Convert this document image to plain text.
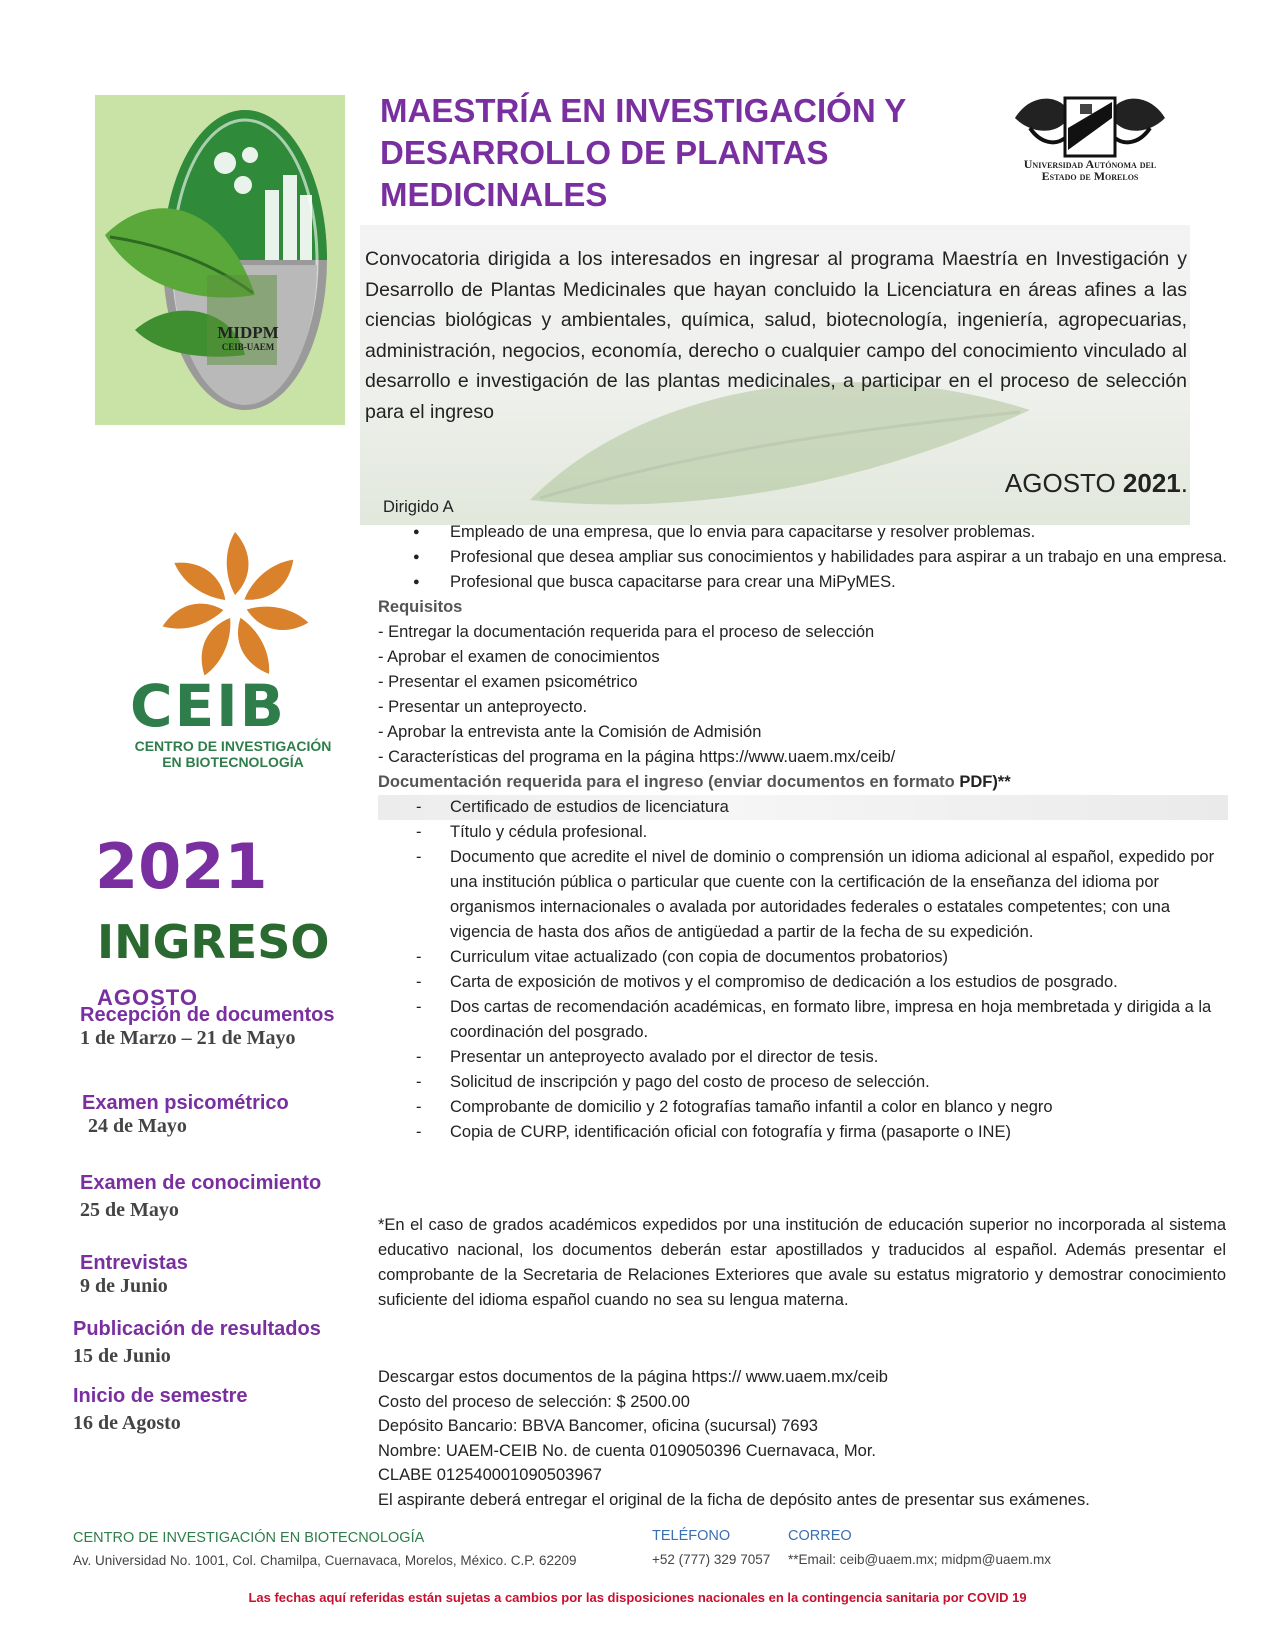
MIDPM
CEIB-UAEM
MAESTRÍA EN INVESTIGACIÓN Y DESARROLLO DE PLANTAS MEDICINALES
Universidad Autónoma del
Estado de Morelos

Convocatoria dirigida a los interesados en ingresar al programa Maestría en Investigación y Desarrollo de Plantas Medicinales que hayan concluido la Licenciatura en áreas afines a las ciencias biológicas y ambientales, química, salud, biotecnología, ingeniería, agropecuarias, administración, negocios, economía, derecho o cualquier campo del conocimiento vinculado al desarrollo e investigación de las plantas medicinales, a participar en el proceso de selección para el ingreso

AGOSTO 2021.
CEIB
CENTRO DE INVESTIGACIÓN
EN BIOTECNOLOGÍA
2021
INGRESO
AGOSTO
Recepción de documentos
1 de Marzo – 21 de Mayo
Examen psicométrico
24 de Mayo
Examen de conocimiento
25 de Mayo
Entrevistas
9 de Junio
Publicación de resultados
15 de Junio
Inicio de semestre
16 de Agosto
Dirigido A
● Empleado de una empresa, que lo envia para capacitarse y resolver problemas.
● Profesional que desea ampliar sus conocimientos y habilidades para aspirar a un trabajo en una empresa.
● Profesional que busca capacitarse para crear una MiPyMES.
Requisitos
- Entregar la documentación requerida para el proceso de selección
- Aprobar el examen de conocimientos
- Presentar el examen psicométrico
- Presentar un anteproyecto.
- Aprobar la entrevista ante la Comisión de Admisión
- Características del programa en la página https://www.uaem.mx/ceib/
Documentación requerida para el ingreso (enviar documentos en formato PDF)**
- Certificado de estudios de licenciatura
- Título y cédula profesional.
- Documento que acredite el nivel de dominio o comprensión un idioma adicional al español, expedido por una institución pública o particular que cuente con la certificación de la enseñanza del idioma por organismos internacionales o avalada por autoridades federales o estatales competentes; con una vigencia de hasta dos años de antigüedad a partir de la fecha de su expedición.
- Curriculum vitae actualizado (con copia de documentos probatorios)
- Carta de exposición de motivos y el compromiso de dedicación a los estudios de posgrado.
- Dos cartas de recomendación académicas, en formato libre, impresa en hoja membretada y dirigida a la coordinación del posgrado.
- Presentar un anteproyecto avalado por el director de tesis.
- Solicitud de inscripción y pago del costo de proceso de selección.
- Comprobante de domicilio y 2 fotografías tamaño infantil a color en blanco y negro
- Copia de CURP, identificación oficial con fotografía y firma (pasaporte o INE)

*En el caso de grados académicos expedidos por una institución de educación superior no incorporada al sistema educativo nacional, los documentos deberán estar apostillados y traducidos al español. Además presentar el comprobante de la Secretaria de Relaciones Exteriores que avale su estatus migratorio y demostrar conocimiento suficiente del idioma español cuando no sea su lengua materna.

Descargar estos documentos de la página https:// www.uaem.mx/ceib
Costo del proceso de selección: $ 2500.00
Depósito Bancario: BBVA Bancomer, oficina (sucursal) 7693
Nombre: UAEM-CEIB No. de cuenta 0109050396 Cuernavaca, Mor.
CLABE 012540001090503967
El aspirante deberá entregar el original de la ficha de depósito antes de presentar sus exámenes.
CENTRO DE INVESTIGACIÓN EN BIOTECNOLOGÍA
Av. Universidad No. 1001, Col. Chamilpa, Cuernavaca, Morelos, México. C.P. 62209
TELÉFONO
+52 (777) 329 7057
CORREO
**Email: ceib@uaem.mx; midpm@uaem.mx
Las fechas aquí referidas están sujetas a cambios por las disposiciones nacionales en la contingencia sanitaria por COVID 19
